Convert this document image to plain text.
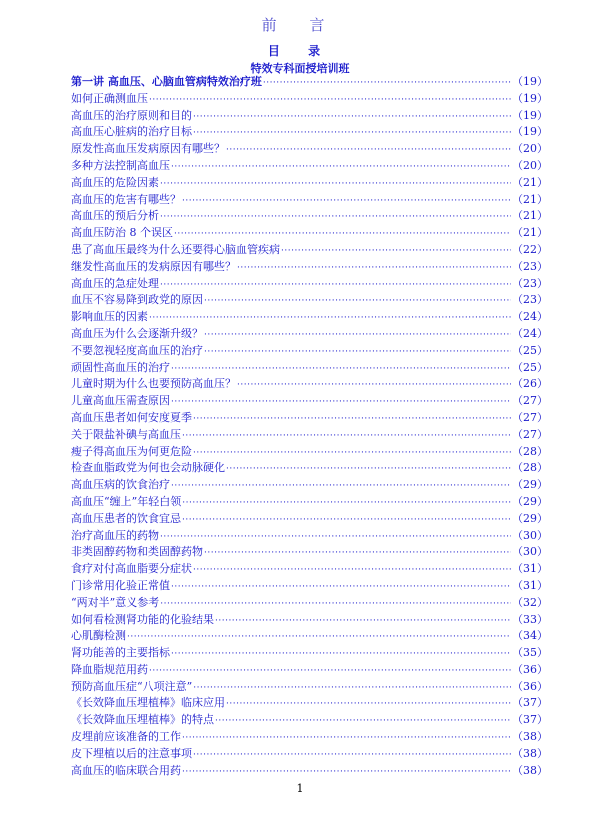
前 言
目 录
特效专科面授培训班
第一讲 高血压、心脑血管病特效治疗班 ·····	（19）
如何正确测血压 ·····	（19）
高血压的治疗原则和目的 ·····	（19）
高血压心脏病的治疗目标 ·····	（19）
原发性高血压发病原因有哪些？ ·····	（20）
多种方法控制高血压 ·····	（20）
高血压的危险因素 ·····	（21）
高血压的危害有哪些？ ·····	（21）
高血压的预后分析 ·····	（21）
高血压防治 8 个误区 ·····	（21）
患了高血压最终为什么还要得心脑血管疾病 ·····	（22）
继发性高血压的发病原因有哪些？ ·····	（23）
高血压的急症处理 ·····	（23）
血压不容易降到政党的原因 ·····	（23）
影响血压的因素 ·····	（24）
高血压为什么会逐渐升级？ ·····	（24）
不要忽视轻度高血压的治疗 ·····	（25）
顽固性高血压的治疗 ·····	（25）
儿童时期为什么也要预防高血压？ ·····	（26）
儿童高血压需查原因 ·····	（27）
高血压患者如何安度夏季 ·····	（27）
关于限盐补碘与高血压 ·····	（27）
瘦子得高血压为何更危险 ·····	（28）
检查血脂政党为何也会动脉硬化 ·····	（28）
高血压病的饮食治疗 ·····	（29）
高血压“缠上”年轻白领 ·····	（29）
高血压患者的饮食宜忌 ·····	（29）
治疗高血压的药物 ·····	（30）
非类固醇药物和类固醇药物 ·····	（30）
食疗对付高血脂要分症状 ·····	（31）
门诊常用化验正常值 ·····	（31）
“两对半”意义参考 ·····	（32）
如何看检测肾功能的化验结果 ·····	（33）
心肌酶检测 ·····	（34）
肾功能善的主要指标 ·····	（35）
降血脂规范用药 ·····	（36）
预防高血压症“八项注意” ·····	（36）
《长效降血压埋植棒》临床应用 ·····	（37）
《长效降血压埋植棒》的特点 ·····	（37）
皮埋前应该准备的工作 ·····	（38）
皮下埋植以后的注意事项 ·····	（38）
高血压的临床联合用药 ·····	（38）
1
